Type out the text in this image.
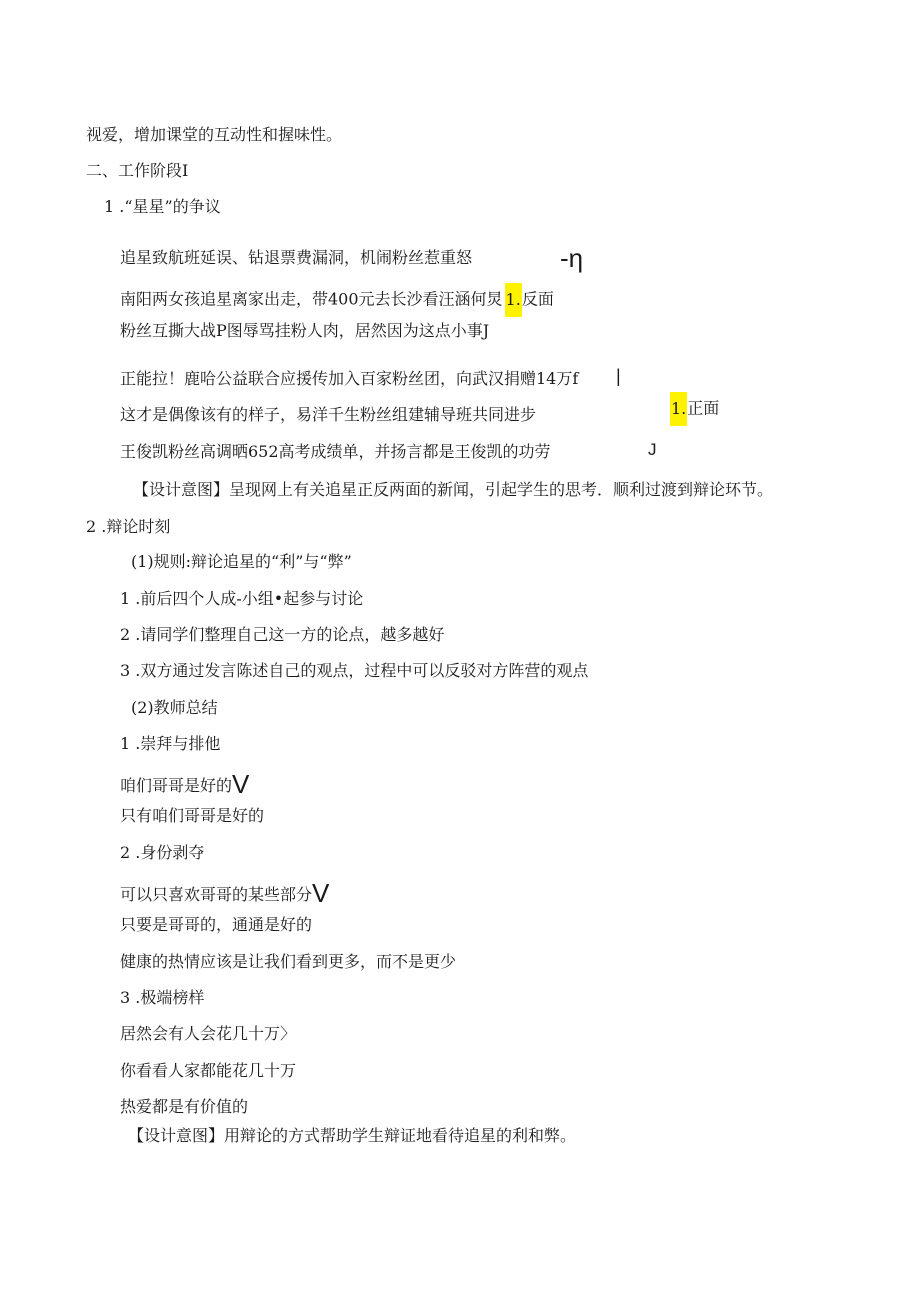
视爱，增加课堂的互动性和握味性。
二、工作阶段I
1 .“星星”的争议
追星致航班延误、钻退票费漏洞，机闹粉丝惹重怒	-η
南阳两女孩追星离家出走，带400元去长沙看汪涵何炅 1.反面
粉丝互撕大战P图辱骂挂粉人肉，居然因为这点小事J
正能拉！鹿哈公益联合应援传加入百家粉丝团，向武汉捐赠14万f |
这才是偶像该有的样子，易洋千生粉丝组建辅导班共同进步	1.正面
王俊凯粉丝高调晒652高考成绩单，并扬言都是王俊凯的功劳	J
【设计意图】呈现网上有关追星正反两面的新闻，引起学生的思考．顺利过渡到辩论环节。
2 .辩论时刻
(1)规则:辩论追星的“利”与“弊”
1 .前后四个人成-小组•起参与讨论
2 .请同学们整理自己这一方的论点，越多越好
3 .双方通过发言陈述自己的观点，过程中可以反驳对方阵营的观点
(2)教师总结
1 .崇拜与排他
咱们哥哥是好的V
只有咱们哥哥是好的
2 .身份剥夺
可以只喜欢哥哥的某些部分V
只要是哥哥的，通通是好的
健康的热情应该是让我们看到更多，而不是更少
3 .极端榜样
居然会有人会花几十万〉
你看看人家都能花几十万
热爱都是有价值的
【设计意图】用辩论的方式帮助学生辩证地看待追星的利和弊。
